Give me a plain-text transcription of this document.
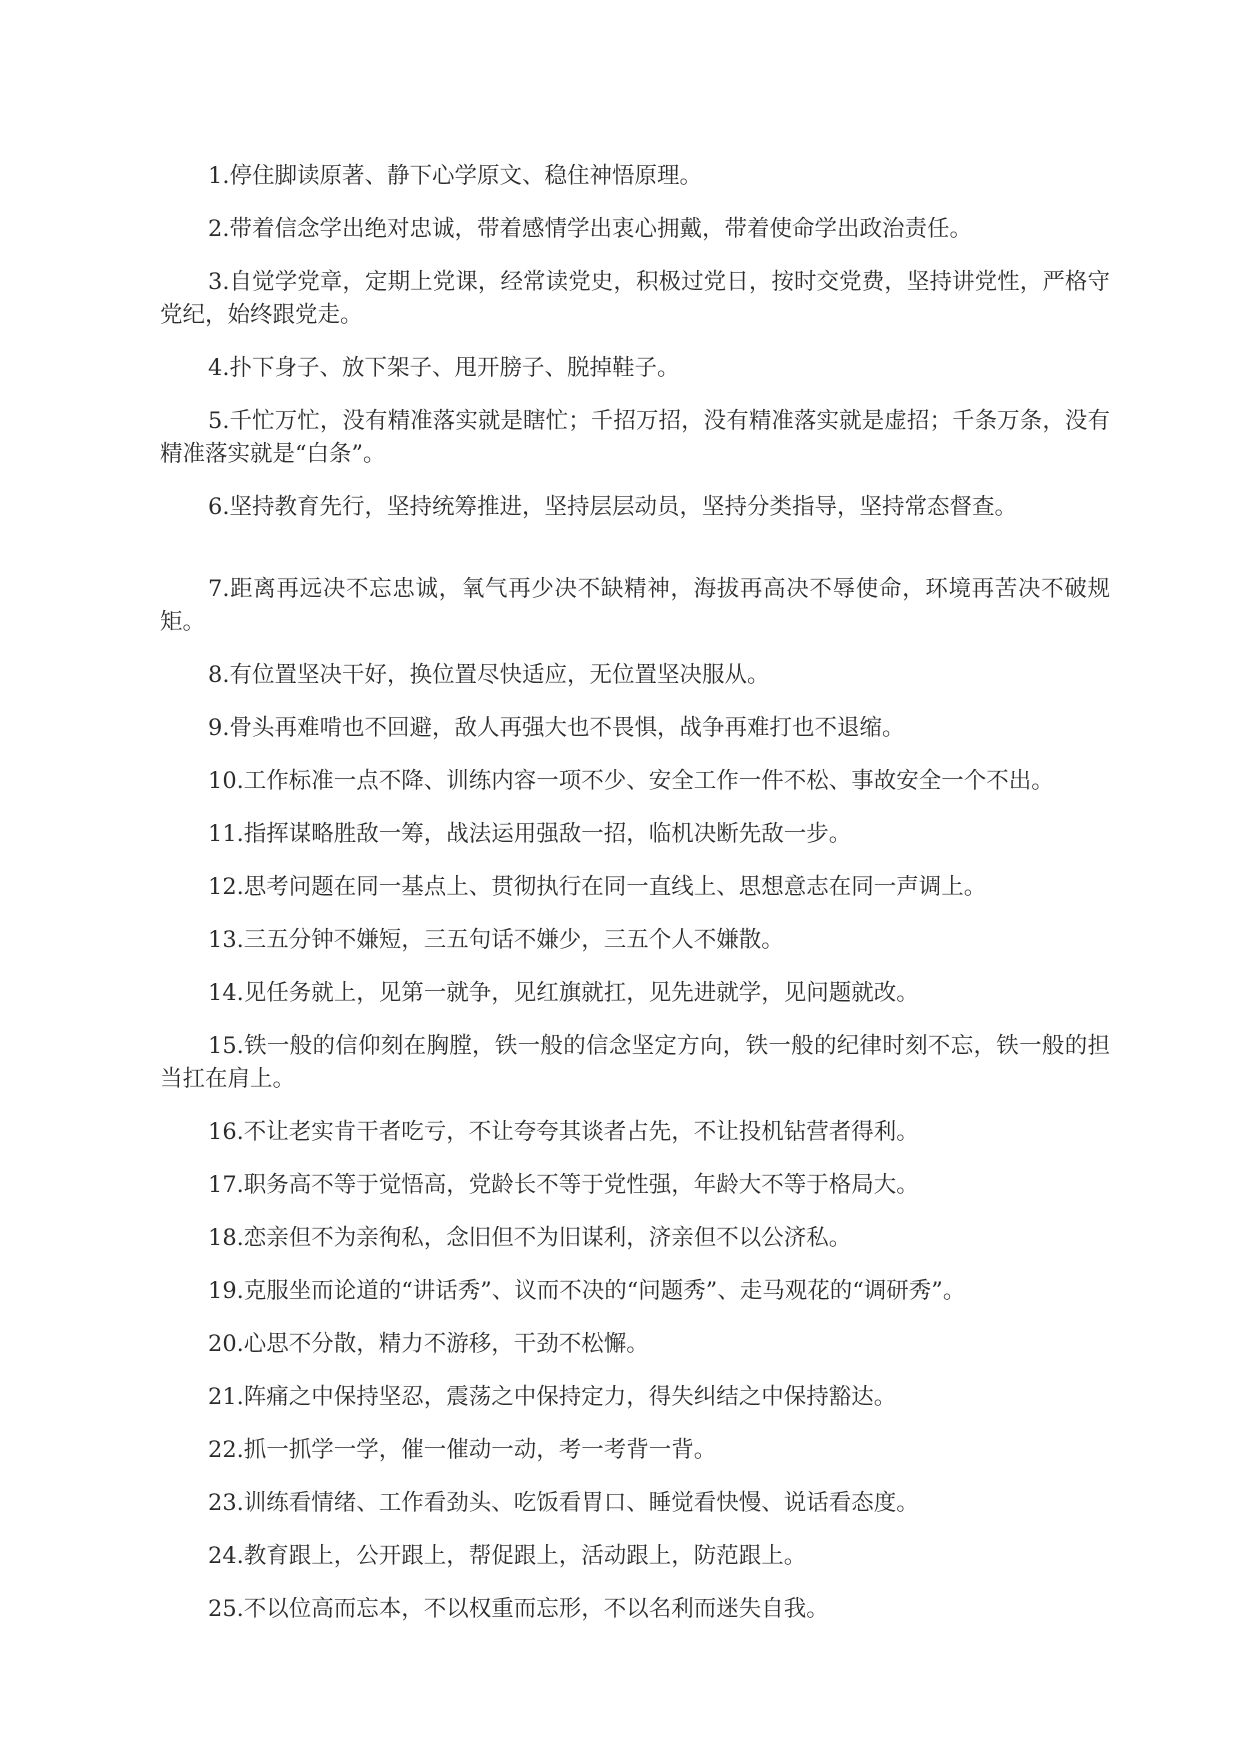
1.停住脚读原著、静下心学原文、稳住神悟原理。

2.带着信念学出绝对忠诚，带着感情学出衷心拥戴，带着使命学出政治责任。

3.自觉学党章，定期上党课，经常读党史，积极过党日，按时交党费，坚持讲党性，严格守党纪，始终跟党走。

4.扑下身子、放下架子、甩开膀子、脱掉鞋子。

5.千忙万忙，没有精准落实就是瞎忙；千招万招，没有精准落实就是虚招；千条万条，没有精准落实就是“白条”。

6.坚持教育先行，坚持统筹推进，坚持层层动员，坚持分类指导，坚持常态督查。

7.距离再远决不忘忠诚，氧气再少决不缺精神，海拔再高决不辱使命，环境再苦决不破规矩。

8.有位置坚决干好，换位置尽快适应，无位置坚决服从。

9.骨头再难啃也不回避，敌人再强大也不畏惧，战争再难打也不退缩。

10.工作标准一点不降、训练内容一项不少、安全工作一件不松、事故安全一个不出。

11.指挥谋略胜敌一筹，战法运用强敌一招，临机决断先敌一步。

12.思考问题在同一基点上、贯彻执行在同一直线上、思想意志在同一声调上。

13.三五分钟不嫌短，三五句话不嫌少，三五个人不嫌散。

14.见任务就上，见第一就争，见红旗就扛，见先进就学，见问题就改。

15.铁一般的信仰刻在胸膛，铁一般的信念坚定方向，铁一般的纪律时刻不忘，铁一般的担当扛在肩上。

16.不让老实肯干者吃亏，不让夸夸其谈者占先，不让投机钻营者得利。

17.职务高不等于觉悟高，党龄长不等于党性强，年龄大不等于格局大。

18.恋亲但不为亲徇私，念旧但不为旧谋利，济亲但不以公济私。

19.克服坐而论道的“讲话秀”、议而不决的“问题秀”、走马观花的“调研秀”。

20.心思不分散，精力不游移，干劲不松懈。

21.阵痛之中保持坚忍，震荡之中保持定力，得失纠结之中保持豁达。

22.抓一抓学一学，催一催动一动，考一考背一背。

23.训练看情绪、工作看劲头、吃饭看胃口、睡觉看快慢、说话看态度。

24.教育跟上，公开跟上，帮促跟上，活动跟上，防范跟上。

25.不以位高而忘本，不以权重而忘形，不以名利而迷失自我。
